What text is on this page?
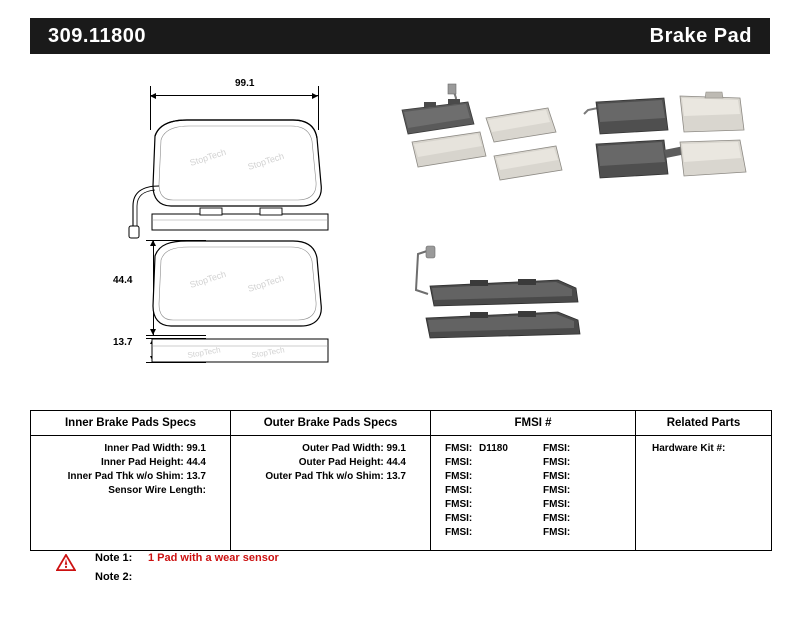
309.11800	Brake Pad
99.1
StopTech StopTech
44.4	StopTech StopTech
13.7
StopTech	StopTech
Inner Brake Pads Specs	Outer Brake Pads Specs	FMSI #	Related Parts

Inner Pad Width: 99.1
Inner Pad Height: 44.4
Inner Pad Thk w/o Shim: 13.7
Sensor Wire Length:

Outer Pad Width: 99.1
Outer Pad Height: 44.4
Outer Pad Thk w/o Shim: 13.7

FMSI: D1180
FMSI:
FMSI:
FMSI:
FMSI:
FMSI:
FMSI:
FMSI:
FMSI:
FMSI:
FMSI:
FMSI:
FMSI:
FMSI:

Hardware Kit #:
Note 1: 1 Pad with a wear sensor
Note 2:
